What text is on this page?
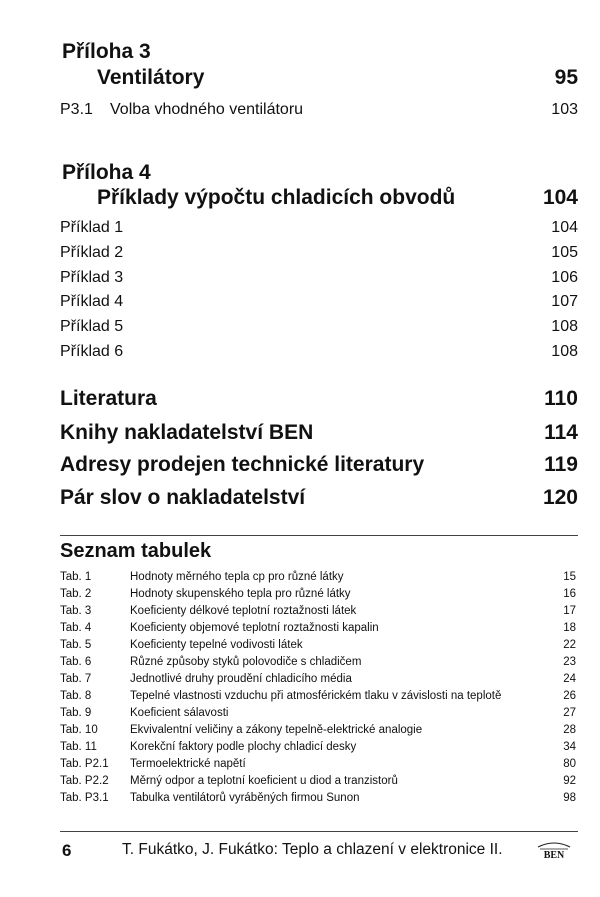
Příloha 3
Ventilátory	95
P3.1 Volba vhodného ventilátoru	103
Příloha 4
Příklady výpočtu chladicích obvodů	104
Příklad 1	104
Příklad 2	105
Příklad 3	106
Příklad 4	107
Příklad 5	108
Příklad 6	108
Literatura	110
Knihy nakladatelství BEN	114
Adresy prodejen technické literatury	119
Pár slov o nakladatelství	120
Seznam tabulek
Tab. 1	Hodnoty měrného tepla cp pro různé látky	15
Tab. 2	Hodnoty skupenského tepla pro různé látky	16
Tab. 3	Koeficienty délkové teplotní roztažnosti látek	17
Tab. 4	Koeficienty objemové teplotní roztažnosti kapalin	18
Tab. 5	Koeficienty tepelné vodivosti látek	22
Tab. 6	Různé způsoby styků polovodiče s chladičem	23
Tab. 7	Jednotlivé druhy proudění chladicího média	24
Tab. 8	Tepelné vlastnosti vzduchu při atmosférickém tlaku v závislosti na teplotě	26
Tab. 9	Koeficient sálavosti	27
Tab. 10	Ekvivalentní veličiny a zákony tepelně-elektrické analogie	28
Tab. 11	Korekční faktory podle plochy chladicí desky	34
Tab. P2.1 Termoelektrické napětí	80
Tab. P2.2 Měrný odpor a teplotní koeficient u diod a tranzistorů	92
Tab. P3.1 Tabulka ventilátorů vyráběných firmou Sunon	98
6	T. Fukátko, J. Fukátko: Teplo a chlazení v elektronice II.	BEN
